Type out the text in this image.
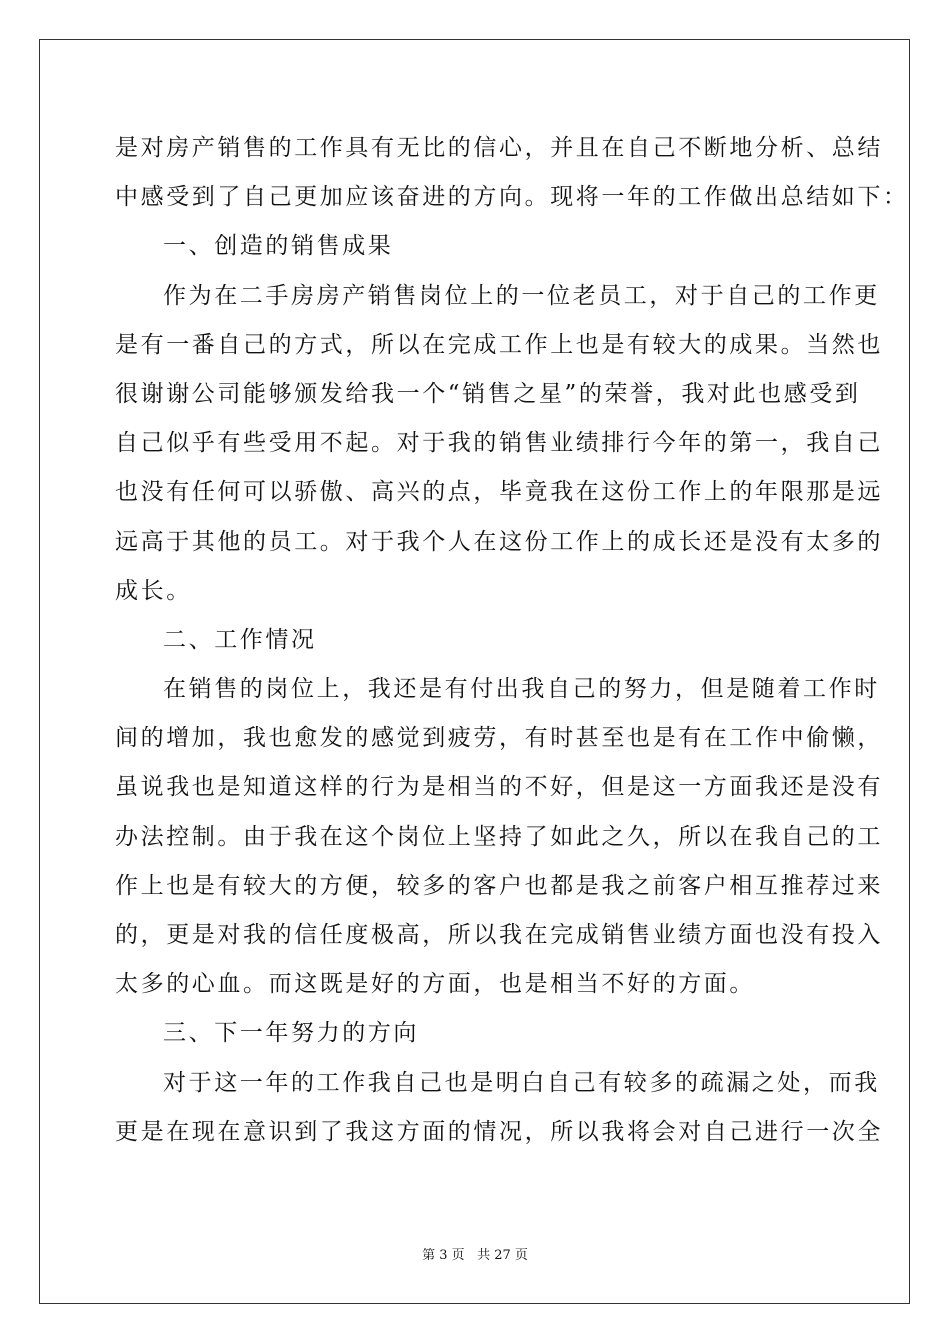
是对房产销售的工作具有无比的信心，并且在自己不断地分析、总结
中感受到了自己更加应该奋进的方向。现将一年的工作做出总结如下：
一、创造的销售成果
作为在二手房房产销售岗位上的一位老员工，对于自己的工作更
是有一番自己的方式，所以在完成工作上也是有较大的成果。当然也
很谢谢公司能够颁发给我一个“销售之星”的荣誉，我对此也感受到
自己似乎有些受用不起。对于我的销售业绩排行今年的第一，我自己
也没有任何可以骄傲、高兴的点，毕竟我在这份工作上的年限那是远
远高于其他的员工。对于我个人在这份工作上的成长还是没有太多的
成长。
二、工作情况
在销售的岗位上，我还是有付出我自己的努力，但是随着工作时
间的增加，我也愈发的感觉到疲劳，有时甚至也是有在工作中偷懒，
虽说我也是知道这样的行为是相当的不好，但是这一方面我还是没有
办法控制。由于我在这个岗位上坚持了如此之久，所以在我自己的工
作上也是有较大的方便，较多的客户也都是我之前客户相互推荐过来
的，更是对我的信任度极高，所以我在完成销售业绩方面也没有投入
太多的心血。而这既是好的方面，也是相当不好的方面。
三、下一年努力的方向
对于这一年的工作我自己也是明白自己有较多的疏漏之处，而我
更是在现在意识到了我这方面的情况，所以我将会对自己进行一次全
第 3 页 共 27 页
